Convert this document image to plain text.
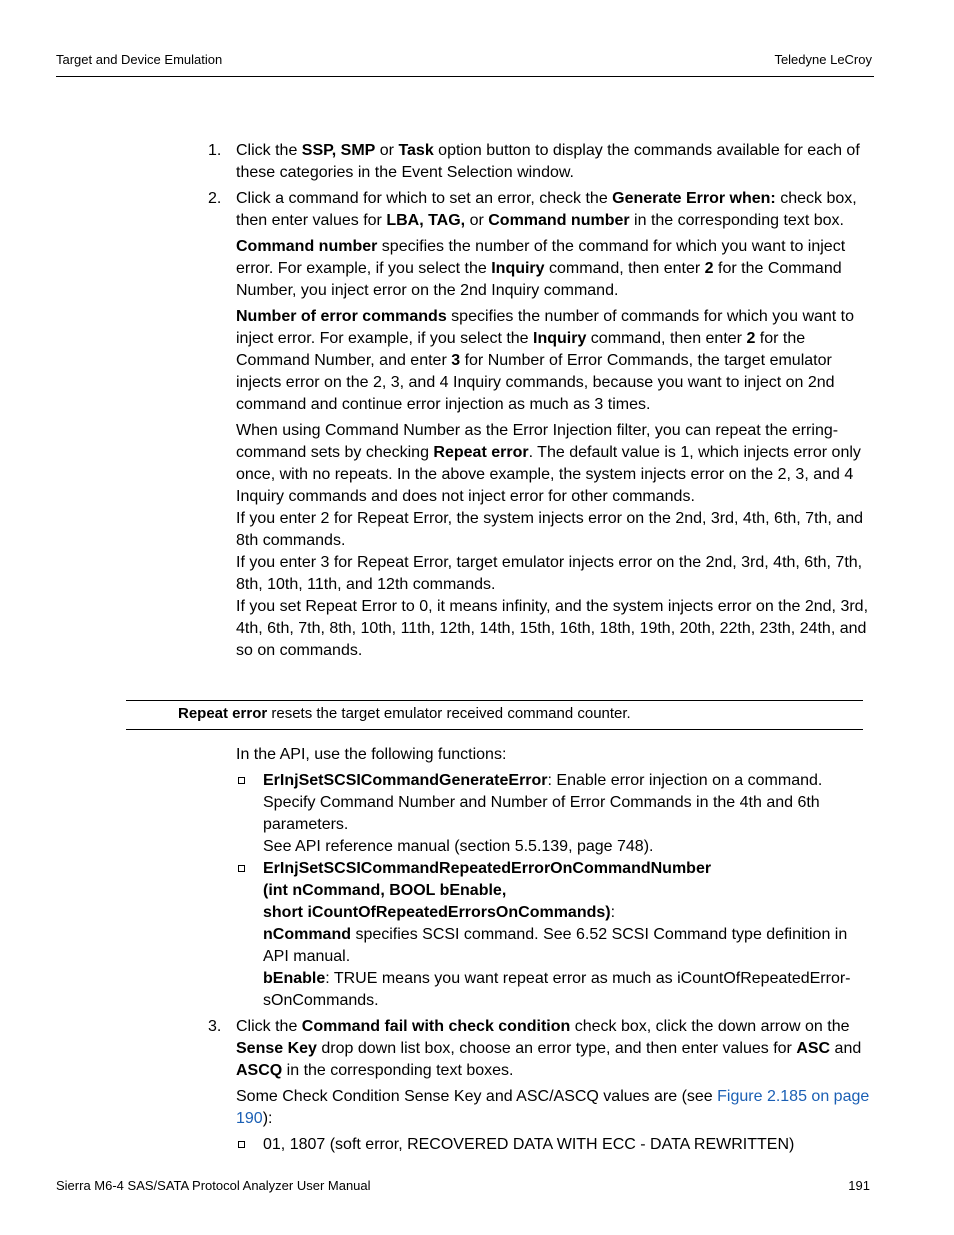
Target and Device Emulation	Teledyne LeCroy
1. Click the SSP, SMP or Task option button to display the commands available for each of these categories in the Event Selection window.

2. Click a command for which to set an error, check the Generate Error when: check box, then enter values for LBA, TAG, or Command number in the corresponding text box.

Command number specifies the number of the command for which you want to inject error. For example, if you select the Inquiry command, then enter 2 for the Command Number, you inject error on the 2nd Inquiry command.

Number of error commands specifies the number of commands for which you want to inject error. For example, if you select the Inquiry command, then enter 2 for the Command Number, and enter 3 for Number of Error Commands, the target emulator injects error on the 2, 3, and 4 Inquiry commands, because you want to inject on 2nd command and continue error injection as much as 3 times.

When using Command Number as the Error Injection filter, you can repeat the erring-command sets by checking Repeat error. The default value is 1, which injects error only once, with no repeats. In the above example, the system injects error on the 2, 3, and 4 Inquiry commands and does not inject error for other commands.

If you enter 2 for Repeat Error, the system injects error on the 2nd, 3rd, 4th, 6th, 7th, and 8th commands.

If you enter 3 for Repeat Error, target emulator injects error on the 2nd, 3rd, 4th, 6th, 7th, 8th, 10th, 11th, and 12th commands.

If you set Repeat Error to 0, it means infinity, and the system injects error on the 2nd, 3rd, 4th, 6th, 7th, 8th, 10th, 11th, 12th, 14th, 15th, 16th, 18th, 19th, 20th, 22th, 23th, 24th, and so on commands.

Repeat error resets the target emulator received command counter.

In the API, use the following functions:

ErInjSetSCSICommandGenerateError: Enable error injection on a command. Specify Command Number and Number of Error Commands in the 4th and 6th parameters.

See API reference manual (section 5.5.139, page 748).

ErInjSetSCSICommandRepeatedErrorOnCommandNumber

(int nCommand, BOOL bEnable,

short iCountOfRepeatedErrorsOnCommands):

nCommand specifies SCSI command. See 6.52 SCSI Command type definition in API manual.

bEnable: TRUE means you want repeat error as much as iCountOfRepeatedError-sOnCommands.

3. Click the Command fail with check condition check box, click the down arrow on the Sense Key drop down list box, choose an error type, and then enter values for ASC and ASCQ in the corresponding text boxes.

Some Check Condition Sense Key and ASC/ASCQ values are (see Figure 2.185 on page 190):

01, 1807 (soft error, RECOVERED DATA WITH ECC - DATA REWRITTEN)

Sierra M6-4 SAS/SATA Protocol Analyzer User Manual	191
